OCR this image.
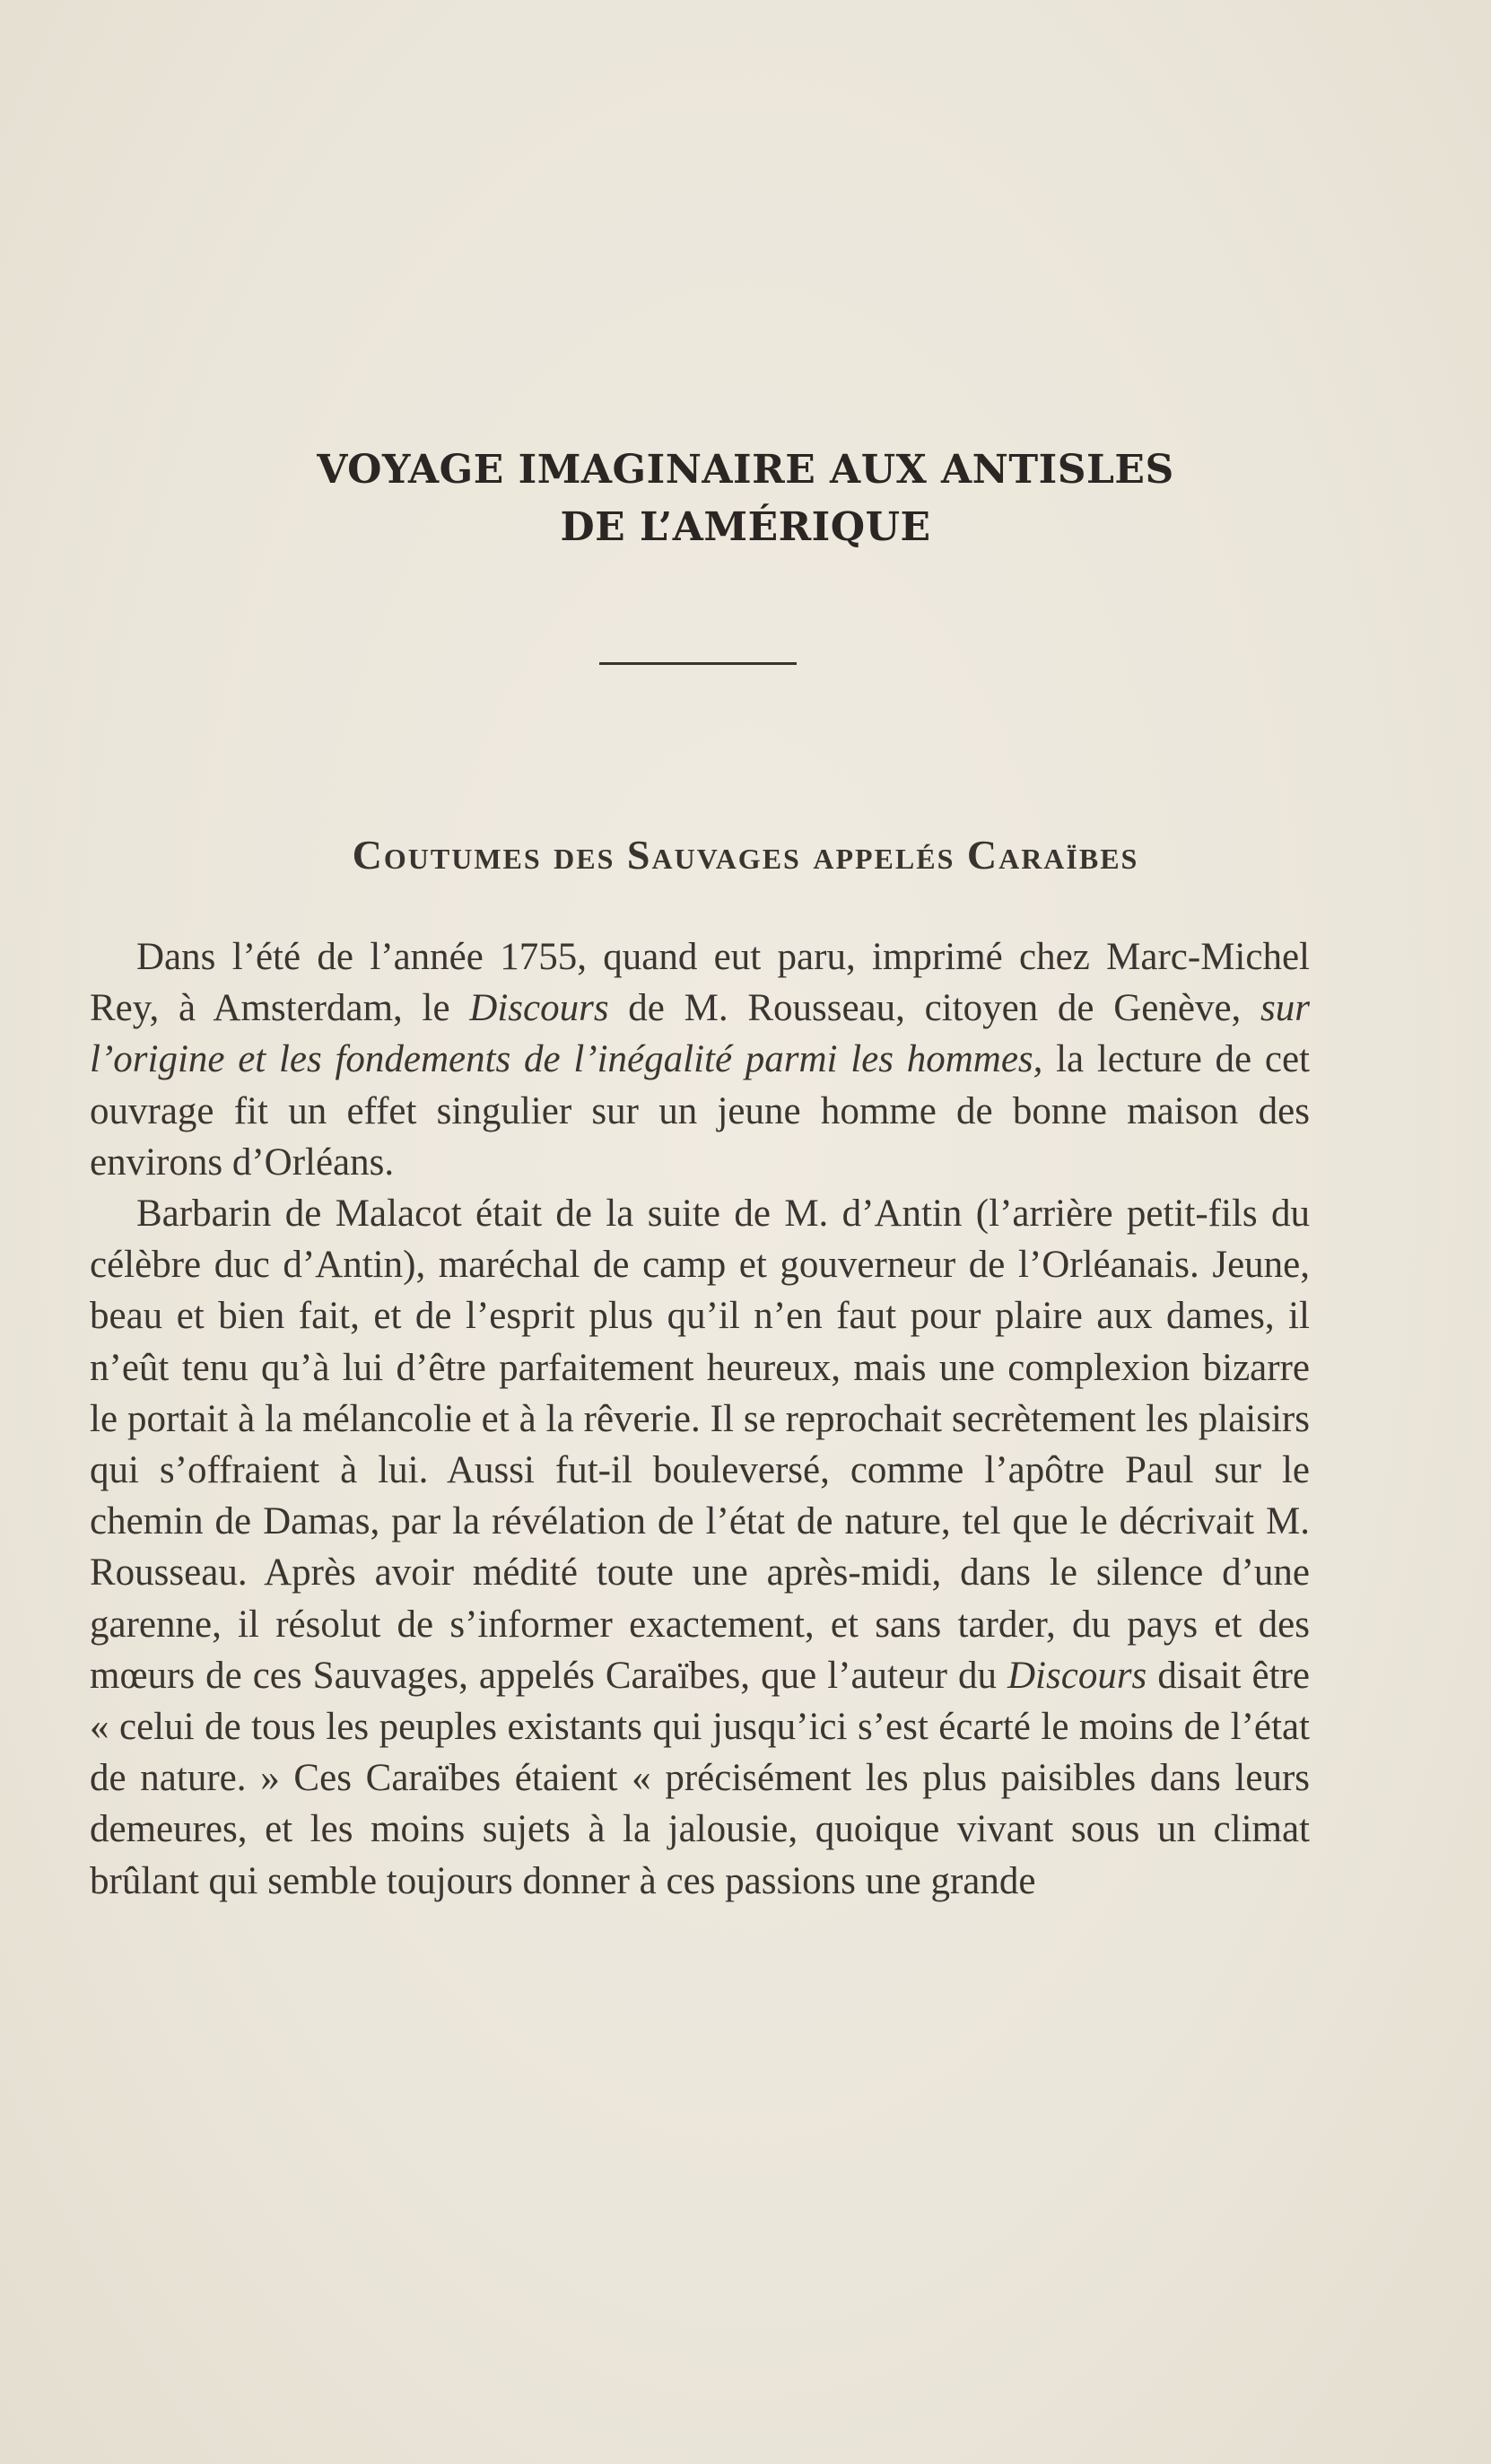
VOYAGE IMAGINAIRE AUX ANTISLES
DE L’AMÉRIQUE
Coutumes des Sauvages appelés Caraïbes

Dans l’été de l’année 1755, quand eut paru, imprimé chez Marc-Michel Rey, à Amsterdam, le Discours de M. Rousseau, citoyen de Genève, sur l’origine et les fondements de l’inégalité parmi les hommes, la lecture de cet ouvrage fit un effet singulier sur un jeune homme de bonne maison des environs d’Orléans.

Barbarin de Malacot était de la suite de M. d’Antin (l’arrière petit-fils du célèbre duc d’Antin), maréchal de camp et gouverneur de l’Orléanais. Jeune, beau et bien fait, et de l’esprit plus qu’il n’en faut pour plaire aux dames, il n’eût tenu qu’à lui d’être parfaitement heureux, mais une complexion bizarre le portait à la mélancolie et à la rêverie. Il se reprochait secrètement les plaisirs qui s’offraient à lui. Aussi fut-il bouleversé, comme l’apôtre Paul sur le chemin de Damas, par la révélation de l’état de nature, tel que le décrivait M. Rousseau. Après avoir médité toute une après-midi, dans le silence d’une garenne, il résolut de s’informer exactement, et sans tarder, du pays et des mœurs de ces Sauvages, appelés Caraïbes, que l’auteur du Discours disait être « celui de tous les peuples existants qui jusqu’ici s’est écarté le moins de l’état de nature. » Ces Caraïbes étaient « précisément les plus paisibles dans leurs demeures, et les moins sujets à la jalousie, quoique vivant sous un climat brûlant qui semble toujours donner à ces passions une grande
